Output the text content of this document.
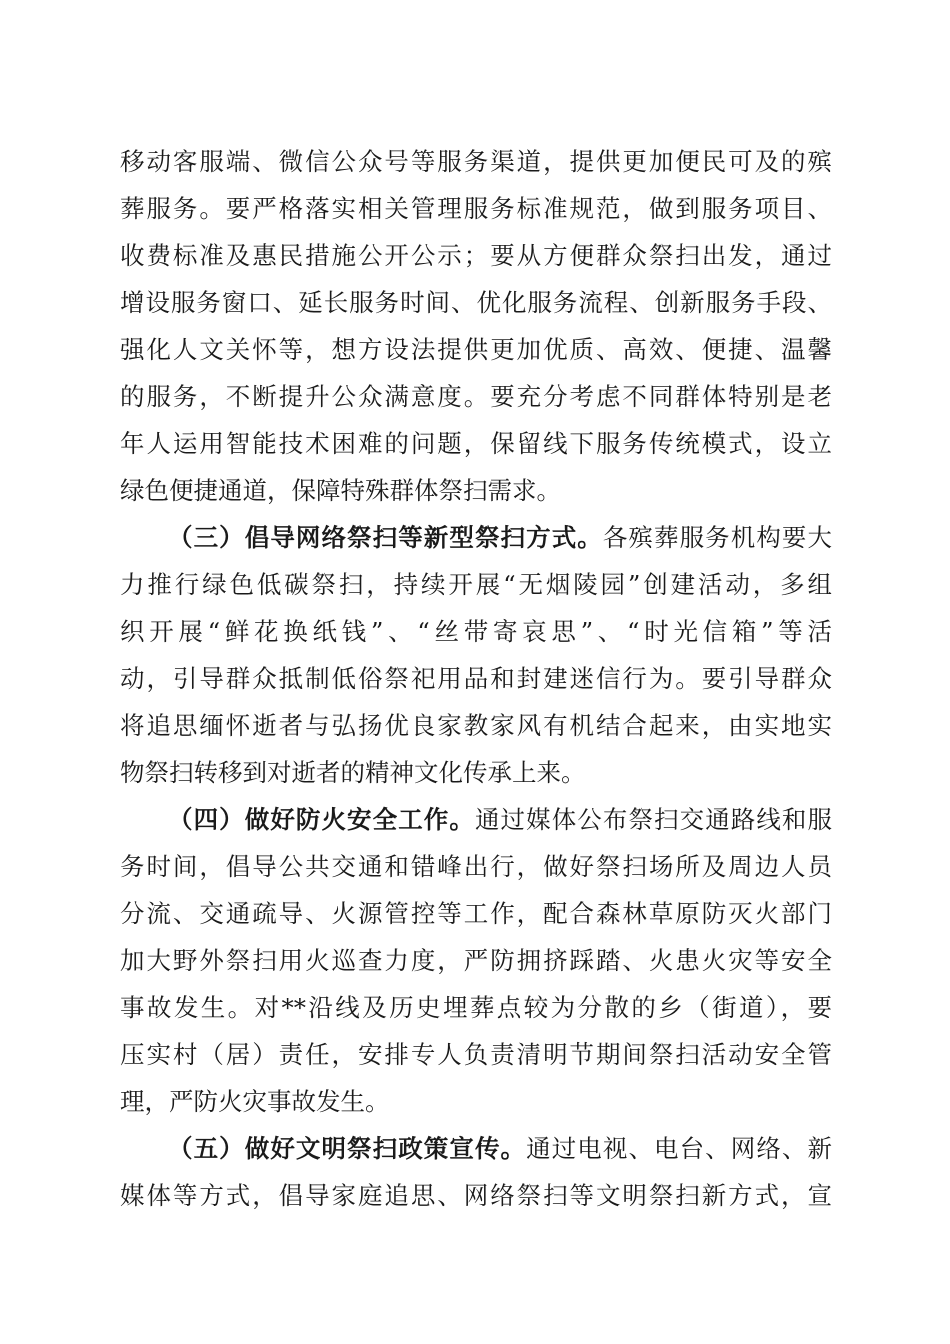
移动客服端、微信公众号等服务渠道，提供更加便民可及的殡
葬服务。要严格落实相关管理服务标准规范，做到服务项目、
收费标准及惠民措施公开公示；要从方便群众祭扫出发，通过
增设服务窗口、延长服务时间、优化服务流程、创新服务手段、
强化人文关怀等，想方设法提供更加优质、高效、便捷、温馨
的服务，不断提升公众满意度。要充分考虑不同群体特别是老
年人运用智能技术困难的问题，保留线下服务传统模式，设立
绿色便捷通道，保障特殊群体祭扫需求。
（三）倡导网络祭扫等新型祭扫方式。各殡葬服务机构要大
力推行绿色低碳祭扫，持续开展“无烟陵园”创建活动，多组
织开展“鲜花换纸钱”、“丝带寄哀思”、“时光信箱”等活
动，引导群众抵制低俗祭祀用品和封建迷信行为。要引导群众
将追思缅怀逝者与弘扬优良家教家风有机结合起来，由实地实
物祭扫转移到对逝者的精神文化传承上来。
（四）做好防火安全工作。通过媒体公布祭扫交通路线和服
务时间，倡导公共交通和错峰出行，做好祭扫场所及周边人员
分流、交通疏导、火源管控等工作，配合森林草原防灭火部门
加大野外祭扫用火巡查力度，严防拥挤踩踏、火患火灾等安全
事故发生。对**沿线及历史埋葬点较为分散的乡（街道），要
压实村（居）责任，安排专人负责清明节期间祭扫活动安全管
理，严防火灾事故发生。
（五）做好文明祭扫政策宣传。通过电视、电台、网络、新
媒体等方式，倡导家庭追思、网络祭扫等文明祭扫新方式，宣
